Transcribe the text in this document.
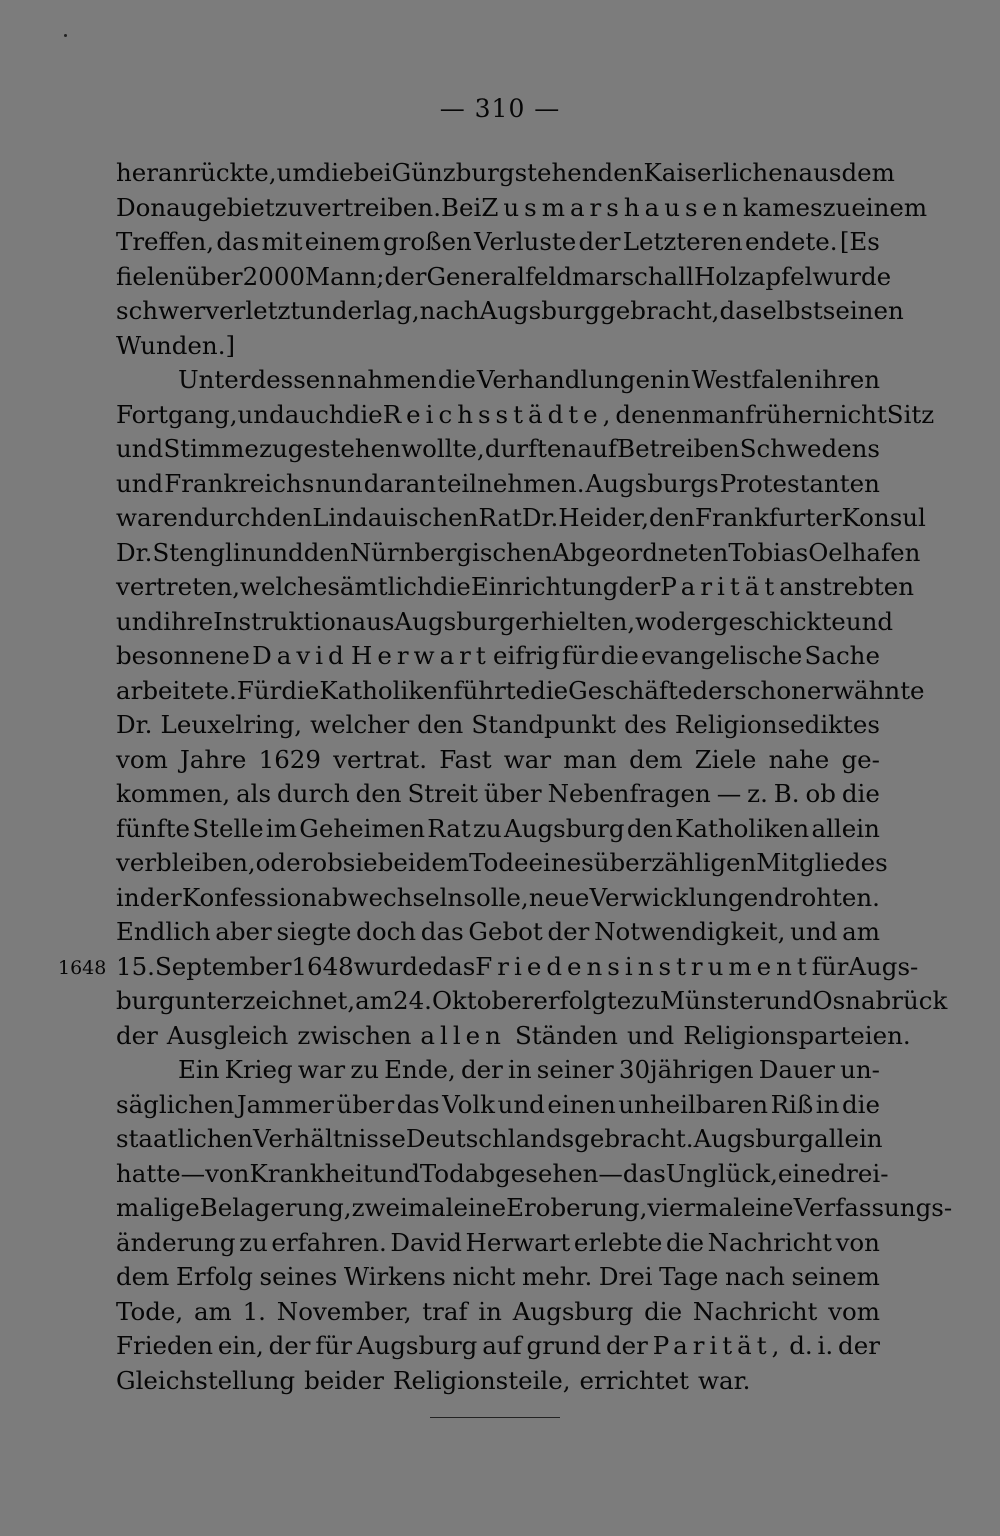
— 310 —
1648
heranrückte, um die bei Günzburg stehenden Kaiserlichen aus dem
Donaugebiet zu vertreiben. Bei Zusmarshausen kam es zu einem
Treffen, das mit einem großen Verluste der Letzteren endete. [Es
fielen über 2000 Mann; der Generalfeldmarschall Holzapfel wurde
schwer verletzt und erlag, nach Augsburg gebracht, daselbst seinen
Wunden.]
Unterdessen nahmen die Verhandlungen in Westfalen ihren
Fortgang, und auch die Reichsstädte, denen man früher nicht Sitz
und Stimme zugestehen wollte, durften auf Betreiben Schwedens
und Frankreichs nun daran teilnehmen. Augsburgs Protestanten
waren durch den Lindauischen Rat Dr. Heider, den Frankfurter Konsul
Dr. Stenglin und den Nürnbergischen Abgeordneten Tobias Oelhafen
vertreten, welche sämtlich die Einrichtung der Parität anstrebten
und ihre Instruktion aus Augsburg erhielten, wo der geschickte und
besonnene David Herwart eifrig für die evangelische Sache
arbeitete. Für die Katholiken führte die Geschäfte der schon erwähnte
Dr. Leuxelring, welcher den Standpunkt des Religionsediktes
vom Jahre 1629 vertrat. Fast war man dem Ziele nahe ge-
kommen, als durch den Streit über Nebenfragen — z. B. ob die
fünfte Stelle im Geheimen Rat zu Augsburg den Katholiken allein
verbleiben, oder ob sie bei dem Tode eines überzähligen Mitgliedes
in der Konfession abwechseln solle, neue Verwicklungen drohten.
Endlich aber siegte doch das Gebot der Notwendigkeit, und am
15. September 1648 wurde das Friedensinstrument für Augs-
burg unterzeichnet, am 24. Oktober erfolgte zu Münster und Osnabrück
der Ausgleich zwischen allen Ständen und Religionsparteien.
Ein Krieg war zu Ende, der in seiner 30jährigen Dauer un-
säglichen Jammer über das Volk und einen unheilbaren Riß in die
staatlichen Verhältnisse Deutschlands gebracht. Augsburg allein
hatte — von Krankheit und Tod abgesehen — das Unglück, eine drei-
malige Belagerung, zweimal eine Eroberung, viermal eine Verfassungs-
änderung zu erfahren. David Herwart erlebte die Nachricht von
dem Erfolg seines Wirkens nicht mehr. Drei Tage nach seinem
Tode, am 1. November, traf in Augsburg die Nachricht vom
Frieden ein, der für Augsburg auf grund der Parität, d. i. der
Gleichstellung beider Religionsteile, errichtet war.
